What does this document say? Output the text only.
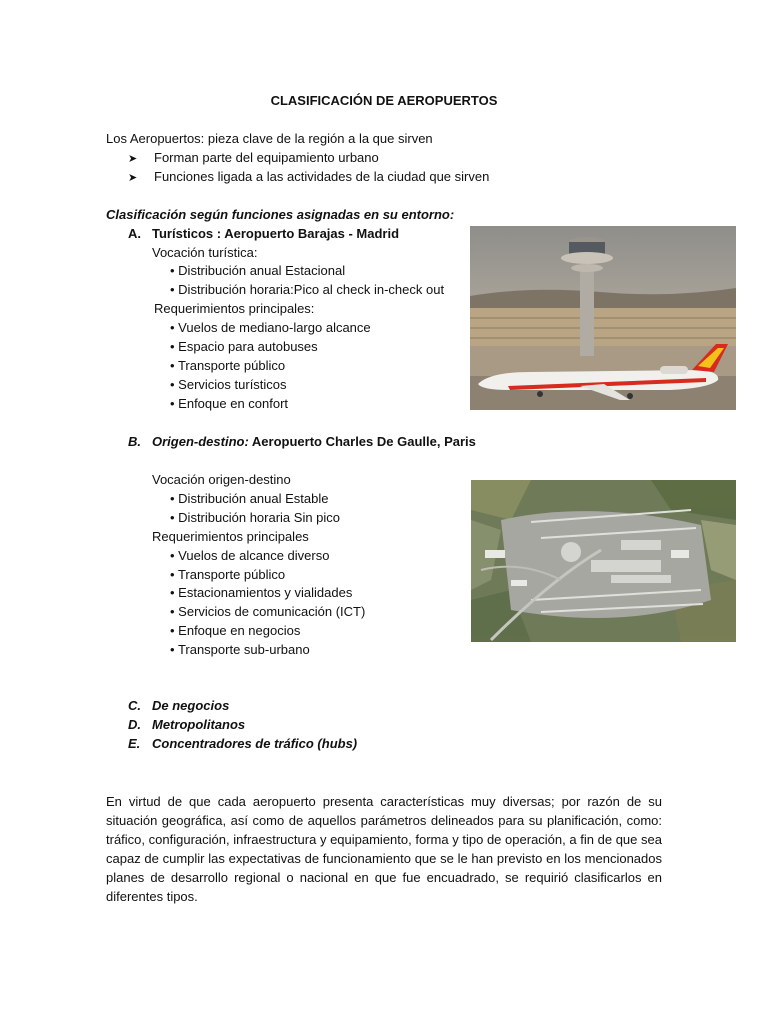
CLASIFICACIÓN DE AEROPUERTOS
Los Aeropuertos: pieza clave de la región a la que sirven
➤ Forman parte del equipamiento urbano
➤ Funciones ligada a las actividades de la ciudad que sirven
Clasificación según funciones asignadas en su entorno:
A. Turísticos : Aeropuerto Barajas - Madrid
Vocación turística:
• Distribución anual Estacional
• Distribución horaria:Pico al check in-check out
Requerimientos principales:
• Vuelos de mediano-largo alcance
• Espacio para autobuses
• Transporte público
• Servicios turísticos
• Enfoque en confort
B. Origen-destino: Aeropuerto Charles De Gaulle, Paris
Vocación origen-destino
• Distribución anual Estable
• Distribución horaria Sin pico
Requerimientos principales
• Vuelos de alcance diverso
• Transporte público
• Estacionamientos y vialidades
• Servicios de comunicación (ICT)
• Enfoque en negocios
• Transporte sub-urbano
C. De negocios
D. Metropolitanos
E. Concentradores de tráfico (hubs)
En virtud de que cada aeropuerto presenta características muy diversas; por razón de su situación geográfica, así como de aquellos parámetros delineados para su planificación, como: tráfico, configuración, infraestructura y equipamiento, forma y tipo de operación, a fin de que sea capaz de cumplir las expectativas de funcionamiento que se le han previsto en los mencionados planes de desarrollo regional o nacional en que fue encuadrado, se requirió clasificarlos en diferentes tipos.
